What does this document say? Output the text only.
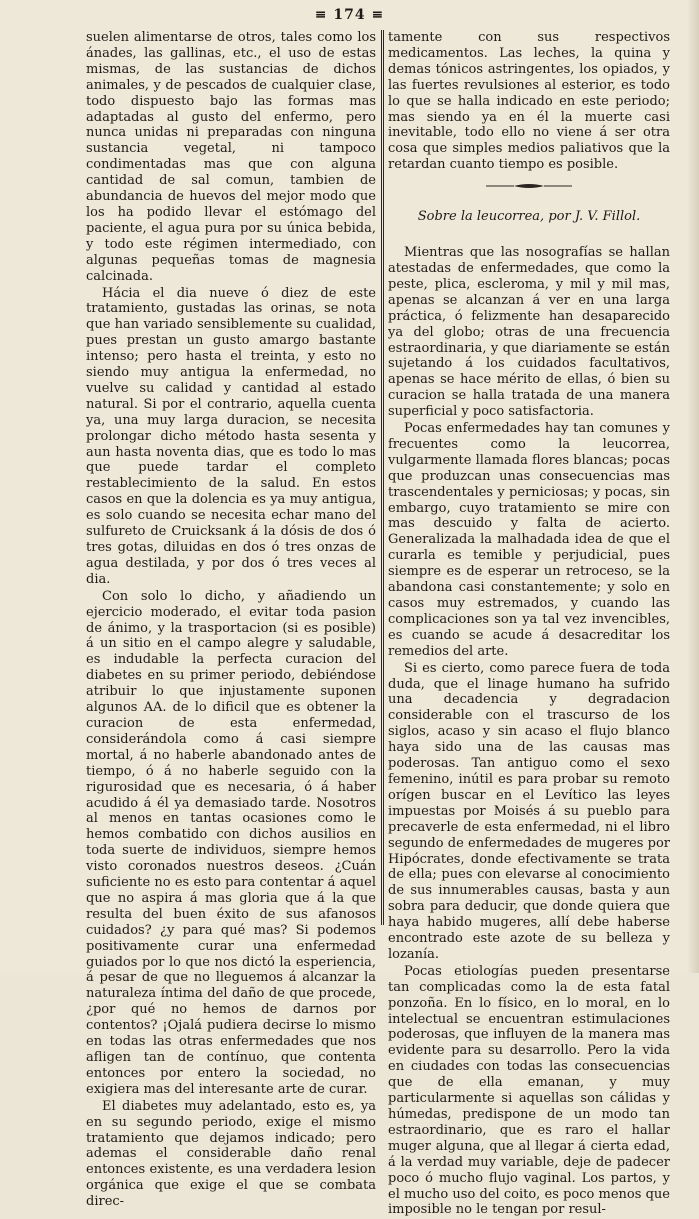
≡ 174 ≡

suelen alimentarse de otros, tales como los ánades, las gallinas, etc., el uso de estas mismas, de las sustancias de dichos animales, y de pescados de cualquier clase, todo dispuesto bajo las formas mas adaptadas al gusto del enfermo, pero nunca unidas ni preparadas con ninguna sustancia vegetal, ni tampoco condimentadas mas que con alguna cantidad de sal comun, tambien de abundancia de huevos del mejor modo que los ha podido llevar el estómago del paciente, el agua pura por su única bebida, y todo este régimen intermediado, con algunas pequeñas tomas de magnesia calcinada.

Hácia el dia nueve ó diez de este tratamiento, gustadas las orinas, se nota que han variado sensiblemente su cualidad, pues prestan un gusto amargo bastante intenso; pero hasta el treinta, y esto no siendo muy antigua la enfermedad, no vuelve su calidad y cantidad al estado natural. Si por el contrario, aquella cuenta ya, una muy larga duracion, se necesita prolongar dicho método hasta sesenta y aun hasta noventa dias, que es todo lo mas que puede tardar el completo restablecimiento de la salud. En estos casos en que la dolencia es ya muy antigua, es solo cuando se necesita echar mano del sulfureto de Cruicksank á la dósis de dos ó tres gotas, diluidas en dos ó tres onzas de agua destilada, y por dos ó tres veces al dia.

Con solo lo dicho, y añadiendo un ejercicio moderado, el evitar toda pasion de ánimo, y la trasportacion (si es posible) á un sitio en el campo alegre y saludable, es indudable la perfecta curacion del diabetes en su primer periodo, debiéndose atribuir lo que injustamente suponen algunos AA. de lo dificil que es obtener la curacion de esta enfermedad, considerándola como á casi siempre mortal, á no haberle abandonado antes de tiempo, ó á no haberle seguido con la rigurosidad que es necesaria, ó á haber acudido á él ya demasiado tarde. Nosotros al menos en tantas ocasiones como le hemos combatido con dichos ausilios en toda suerte de individuos, siempre hemos visto coronados nuestros deseos. ¿Cuán suficiente no es esto para contentar á aquel que no aspira á mas gloria que á la que resulta del buen éxito de sus afanosos cuidados? ¿y para qué mas? Si podemos positivamente curar una enfermedad guiados por lo que nos dictó la esperiencia, á pesar de que no lleguemos á alcanzar la naturaleza íntima del daño de que procede, ¿por qué no hemos de darnos por contentos? ¡Ojalá pudiera decirse lo mismo en todas las otras enfermedades que nos afligen tan de contínuo, que contenta entonces por entero la sociedad, no exigiera mas del interesante arte de curar.

El diabetes muy adelantado, esto es, ya en su segundo periodo, exige el mismo tratamiento que dejamos indicado; pero ademas el considerable daño renal entonces existente, es una verdadera lesion orgánica que exige el que se combata direc-

tamente con sus respectivos medicamentos. Las leches, la quina y demas tónicos astringentes, los opiados, y las fuertes revulsiones al esterior, es todo lo que se halla indicado en este periodo; mas siendo ya en él la muerte casi inevitable, todo ello no viene á ser otra cosa que simples medios paliativos que la retardan cuanto tiempo es posible.

Sobre la leucorrea, por J. V. Fillol.

Mientras que las nosografías se hallan atestadas de enfermedades, que como la peste, plica, escleroma, y mil y mil mas, apenas se alcanzan á ver en una larga práctica, ó felizmente han desaparecido ya del globo; otras de una frecuencia estraordinaria, y que diariamente se están sujetando á los cuidados facultativos, apenas se hace mérito de ellas, ó bien su curacion se halla tratada de una manera superficial y poco satisfactoria.

Pocas enfermedades hay tan comunes y frecuentes como la leucorrea, vulgarmente llamada flores blancas; pocas que produzcan unas consecuencias mas trascendentales y perniciosas; y pocas, sin embargo, cuyo tratamiento se mire con mas descuido y falta de acierto. Generalizada la malhadada idea de que el curarla es temible y perjudicial, pues siempre es de esperar un retroceso, se la abandona casi constantemente; y solo en casos muy estremados, y cuando las complicaciones son ya tal vez invencibles, es cuando se acude á desacreditar los remedios del arte.

Si es cierto, como parece fuera de toda duda, que el linage humano ha sufrido una decadencia y degradacion considerable con el trascurso de los siglos, acaso y sin acaso el flujo blanco haya sido una de las causas mas poderosas. Tan antiguo como el sexo femenino, inútil es para probar su remoto orígen buscar en el Levítico las leyes impuestas por Moisés á su pueblo para precaverle de esta enfermedad, ni el libro segundo de enfermedades de mugeres por Hipócrates, donde efectivamente se trata de ella; pues con elevarse al conocimiento de sus innumerables causas, basta y aun sobra para deducir, que donde quiera que haya habido mugeres, allí debe haberse encontrado este azote de su belleza y lozanía.

Pocas etiologías pueden presentarse tan complicadas como la de esta fatal ponzoña. En lo físico, en lo moral, en lo intelectual se encuentran estimulaciones poderosas, que influyen de la manera mas evidente para su desarrollo. Pero la vida en ciudades con todas las consecuencias que de ella emanan, y muy particularmente si aquellas son cálidas y húmedas, predispone de un modo tan estraordinario, que es raro el hallar muger alguna, que al llegar á cierta edad, á la verdad muy variable, deje de padecer poco ó mucho flujo vaginal. Los partos, y el mucho uso del coito, es poco menos que imposible no le tengan por resul-
